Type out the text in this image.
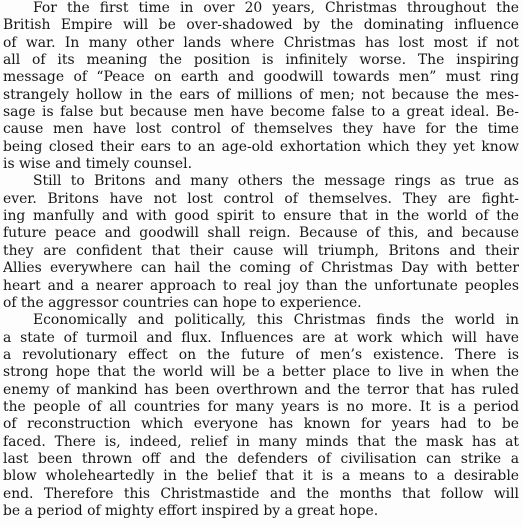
For the first time in over 20 years, Christmas throughout the
British Empire will be over-shadowed by the dominating influence
of war. In many other lands where Christmas has lost most if not
all of its meaning the position is infinitely worse. The inspiring
message of “Peace on earth and goodwill towards men” must ring
strangely hollow in the ears of millions of men; not because the mes-
sage is false but because men have become false to a great ideal. Be-
cause men have lost control of themselves they have for the time
being closed their ears to an age-old exhortation which they yet know
is wise and timely counsel.
Still to Britons and many others the message rings as true as
ever. Britons have not lost control of themselves. They are fight-
ing manfully and with good spirit to ensure that in the world of the
future peace and goodwill shall reign. Because of this, and because
they are confident that their cause will triumph, Britons and their
Allies everywhere can hail the coming of Christmas Day with better
heart and a nearer approach to real joy than the unfortunate peoples
of the aggressor countries can hope to experience.
Economically and politically, this Christmas finds the world in
a state of turmoil and flux. Influences are at work which will have
a revolutionary effect on the future of men’s existence. There is
strong hope that the world will be a better place to live in when the
enemy of mankind has been overthrown and the terror that has ruled
the people of all countries for many years is no more. It is a period
of reconstruction which everyone has known for years had to be
faced. There is, indeed, relief in many minds that the mask has at
last been thrown off and the defenders of civilisation can strike a
blow wholeheartedly in the belief that it is a means to a desirable
end. Therefore this Christmastide and the months that follow will
be a period of mighty effort inspired by a great hope.
